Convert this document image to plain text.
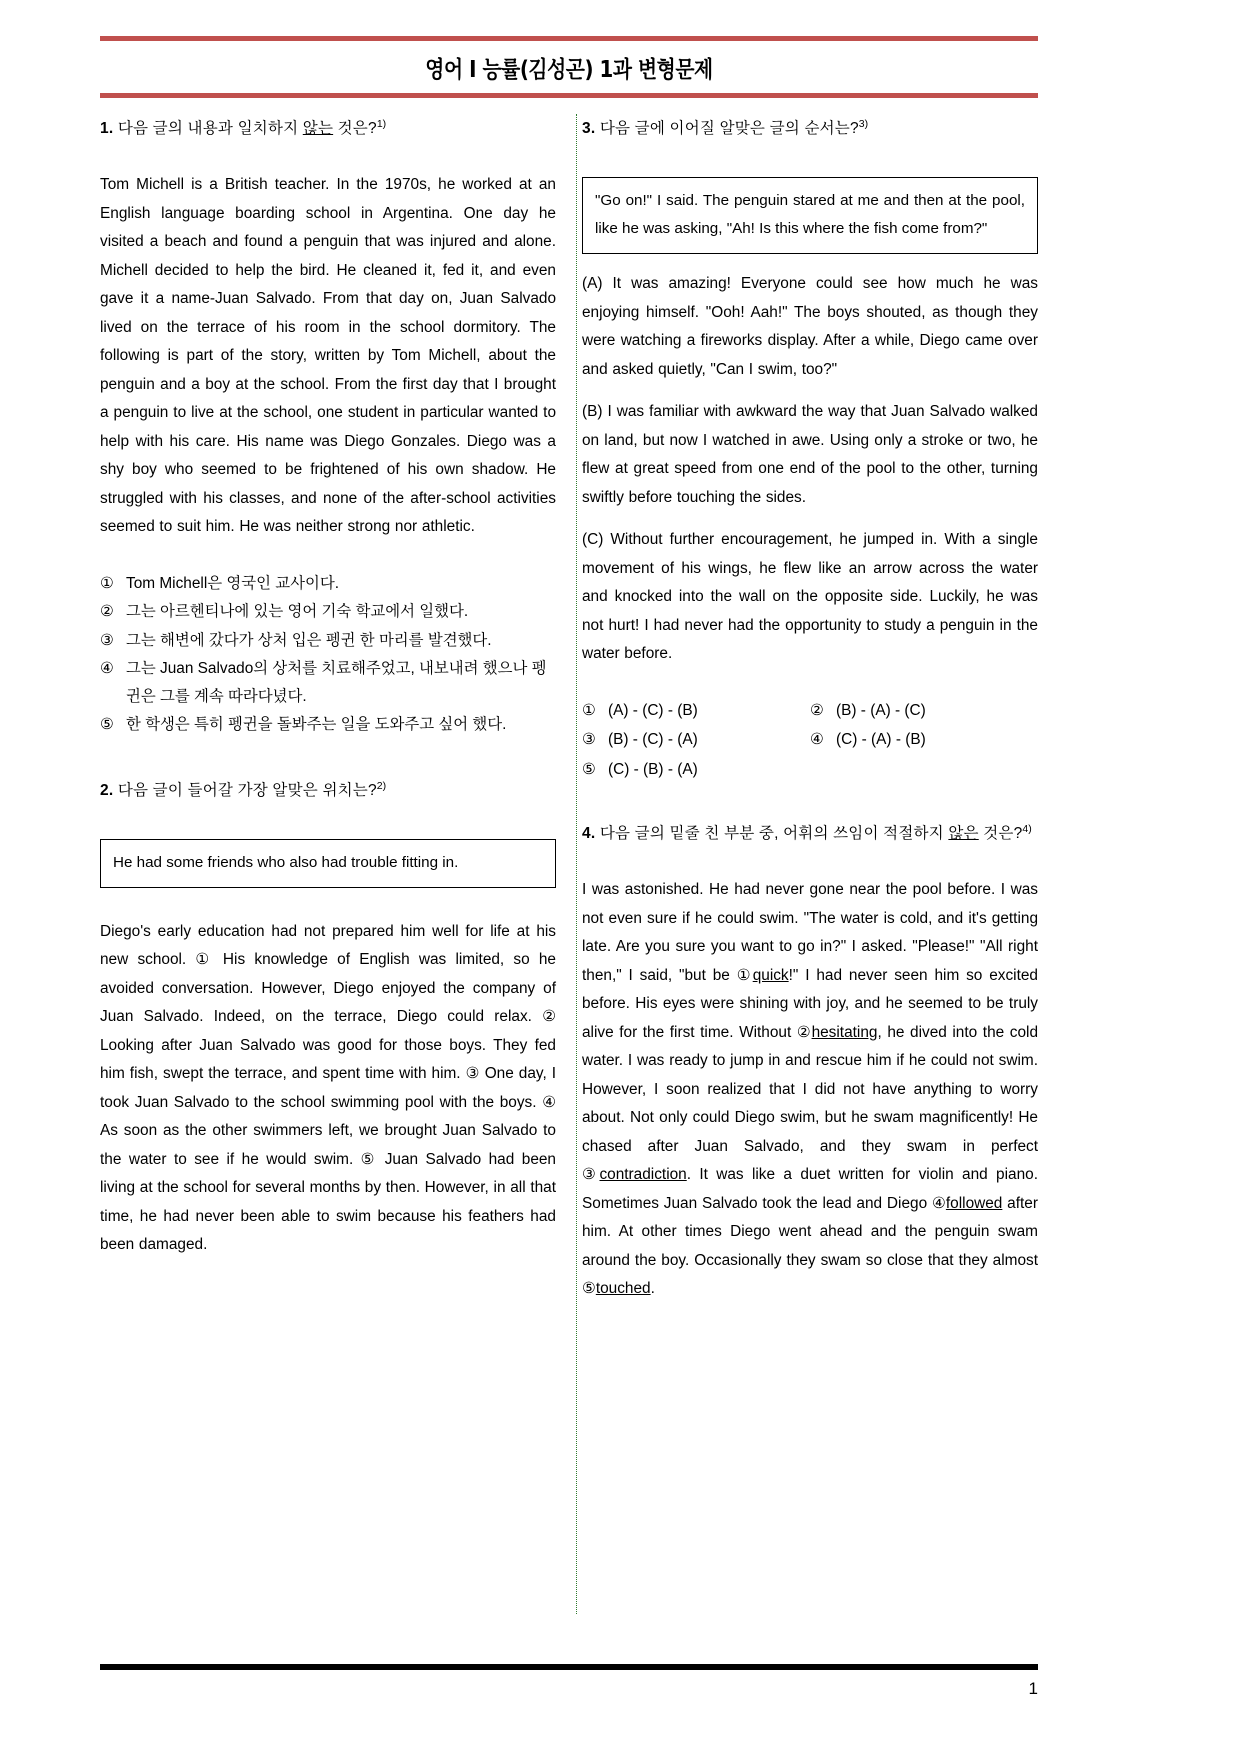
영어 I 능률(김성곤) 1과 변형문제
1. 다음 글의 내용과 일치하지 않는 것은?$^{1)}$

Tom Michell is a British teacher. In the 1970s, he worked at an English language boarding school in Argentina. One day he visited a beach and found a penguin that was injured and alone. Michell decided to help the bird. He cleaned it, fed it, and even gave it a name-Juan Salvado. From that day on, Juan Salvado lived on the terrace of his room in the school dormitory. The following is part of the story, written by Tom Michell, about the penguin and a boy at the school. From the first day that I brought a penguin to live at the school, one student in particular wanted to help with his care. His name was Diego Gonzales. Diego was a shy boy who seemed to be frightened of his own shadow. He struggled with his classes, and none of the after-school activities seemed to suit him. He was neither strong nor athletic.

① Tom Michell은 영국인 교사이다.
② 그는 아르헨티나에 있는 영어 기숙 학교에서 일했다.
③ 그는 해변에 갔다가 상처 입은 펭귄 한 마리를 발견했다.
④ 그는 Juan Salvado의 상처를 치료해주었고, 내보내려 했으나 펭귄은 그를 계속 따라다녔다.
⑤ 한 학생은 특히 펭귄을 돌봐주는 일을 도와주고 싶어 했다.
2. 다음 글이 들어갈 가장 알맞은 위치는?$^{2)}$
He had some friends who also had trouble fitting in.

Diego's early education had not prepared him well for life at his new school. ① His knowledge of English was limited, so he avoided conversation. However, Diego enjoyed the company of Juan Salvado. Indeed, on the terrace, Diego could relax. ② Looking after Juan Salvado was good for those boys. They fed him fish, swept the terrace, and spent time with him. ③ One day, I took Juan Salvado to the school swimming pool with the boys. ④ As soon as the other swimmers left, we brought Juan Salvado to the water to see if he would swim. ⑤ Juan Salvado had been living at the school for several months by then. However, in all that time, he had never been able to swim because his feathers had been damaged.

3. 다음 글에 이어질 알맞은 글의 순서는?$^{3)}$
"Go on!" I said. The penguin stared at me and then at the pool, like he was asking, "Ah! Is this where the fish come from?"

(A) It was amazing! Everyone could see how much he was enjoying himself. "Ooh! Aah!" The boys shouted, as though they were watching a fireworks display. After a while, Diego came over and asked quietly, "Can I swim, too?"

(B) I was familiar with awkward the way that Juan Salvado walked on land, but now I watched in awe. Using only a stroke or two, he flew at great speed from one end of the pool to the other, turning swiftly before touching the sides.

(C) Without further encouragement, he jumped in. With a single movement of his wings, he flew like an arrow across the water and knocked into the wall on the opposite side. Luckily, he was not hurt! I had never had the opportunity to study a penguin in the water before.

① (A) - (C) - (B)	② (B) - (A) - (C)
③ (B) - (C) - (A)	④ (C) - (A) - (B)
⑤ (C) - (B) - (A)
4. 다음 글의 밑줄 친 부분 중, 어휘의 쓰임이 적절하지 않은 것은?$^{4)}$

I was astonished. He had never gone near the pool before. I was not even sure if he could swim. "The water is cold, and it's getting late. Are you sure you want to go in?" I asked. "Please!" "All right then," I said, "but be ①quick!" I had never seen him so excited before. His eyes were shining with joy, and he seemed to be truly alive for the first time. Without ②hesitating, he dived into the cold water. I was ready to jump in and rescue him if he could not swim. However, I soon realized that I did not have anything to worry about. Not only could Diego swim, but he swam magnificently! He chased after Juan Salvado, and they swam in perfect ③contradiction. It was like a duet written for violin and piano. Sometimes Juan Salvado took the lead and Diego ④followed after him. At other times Diego went ahead and the penguin swam around the boy. Occasionally they swam so close that they almost ⑤touched.

1
